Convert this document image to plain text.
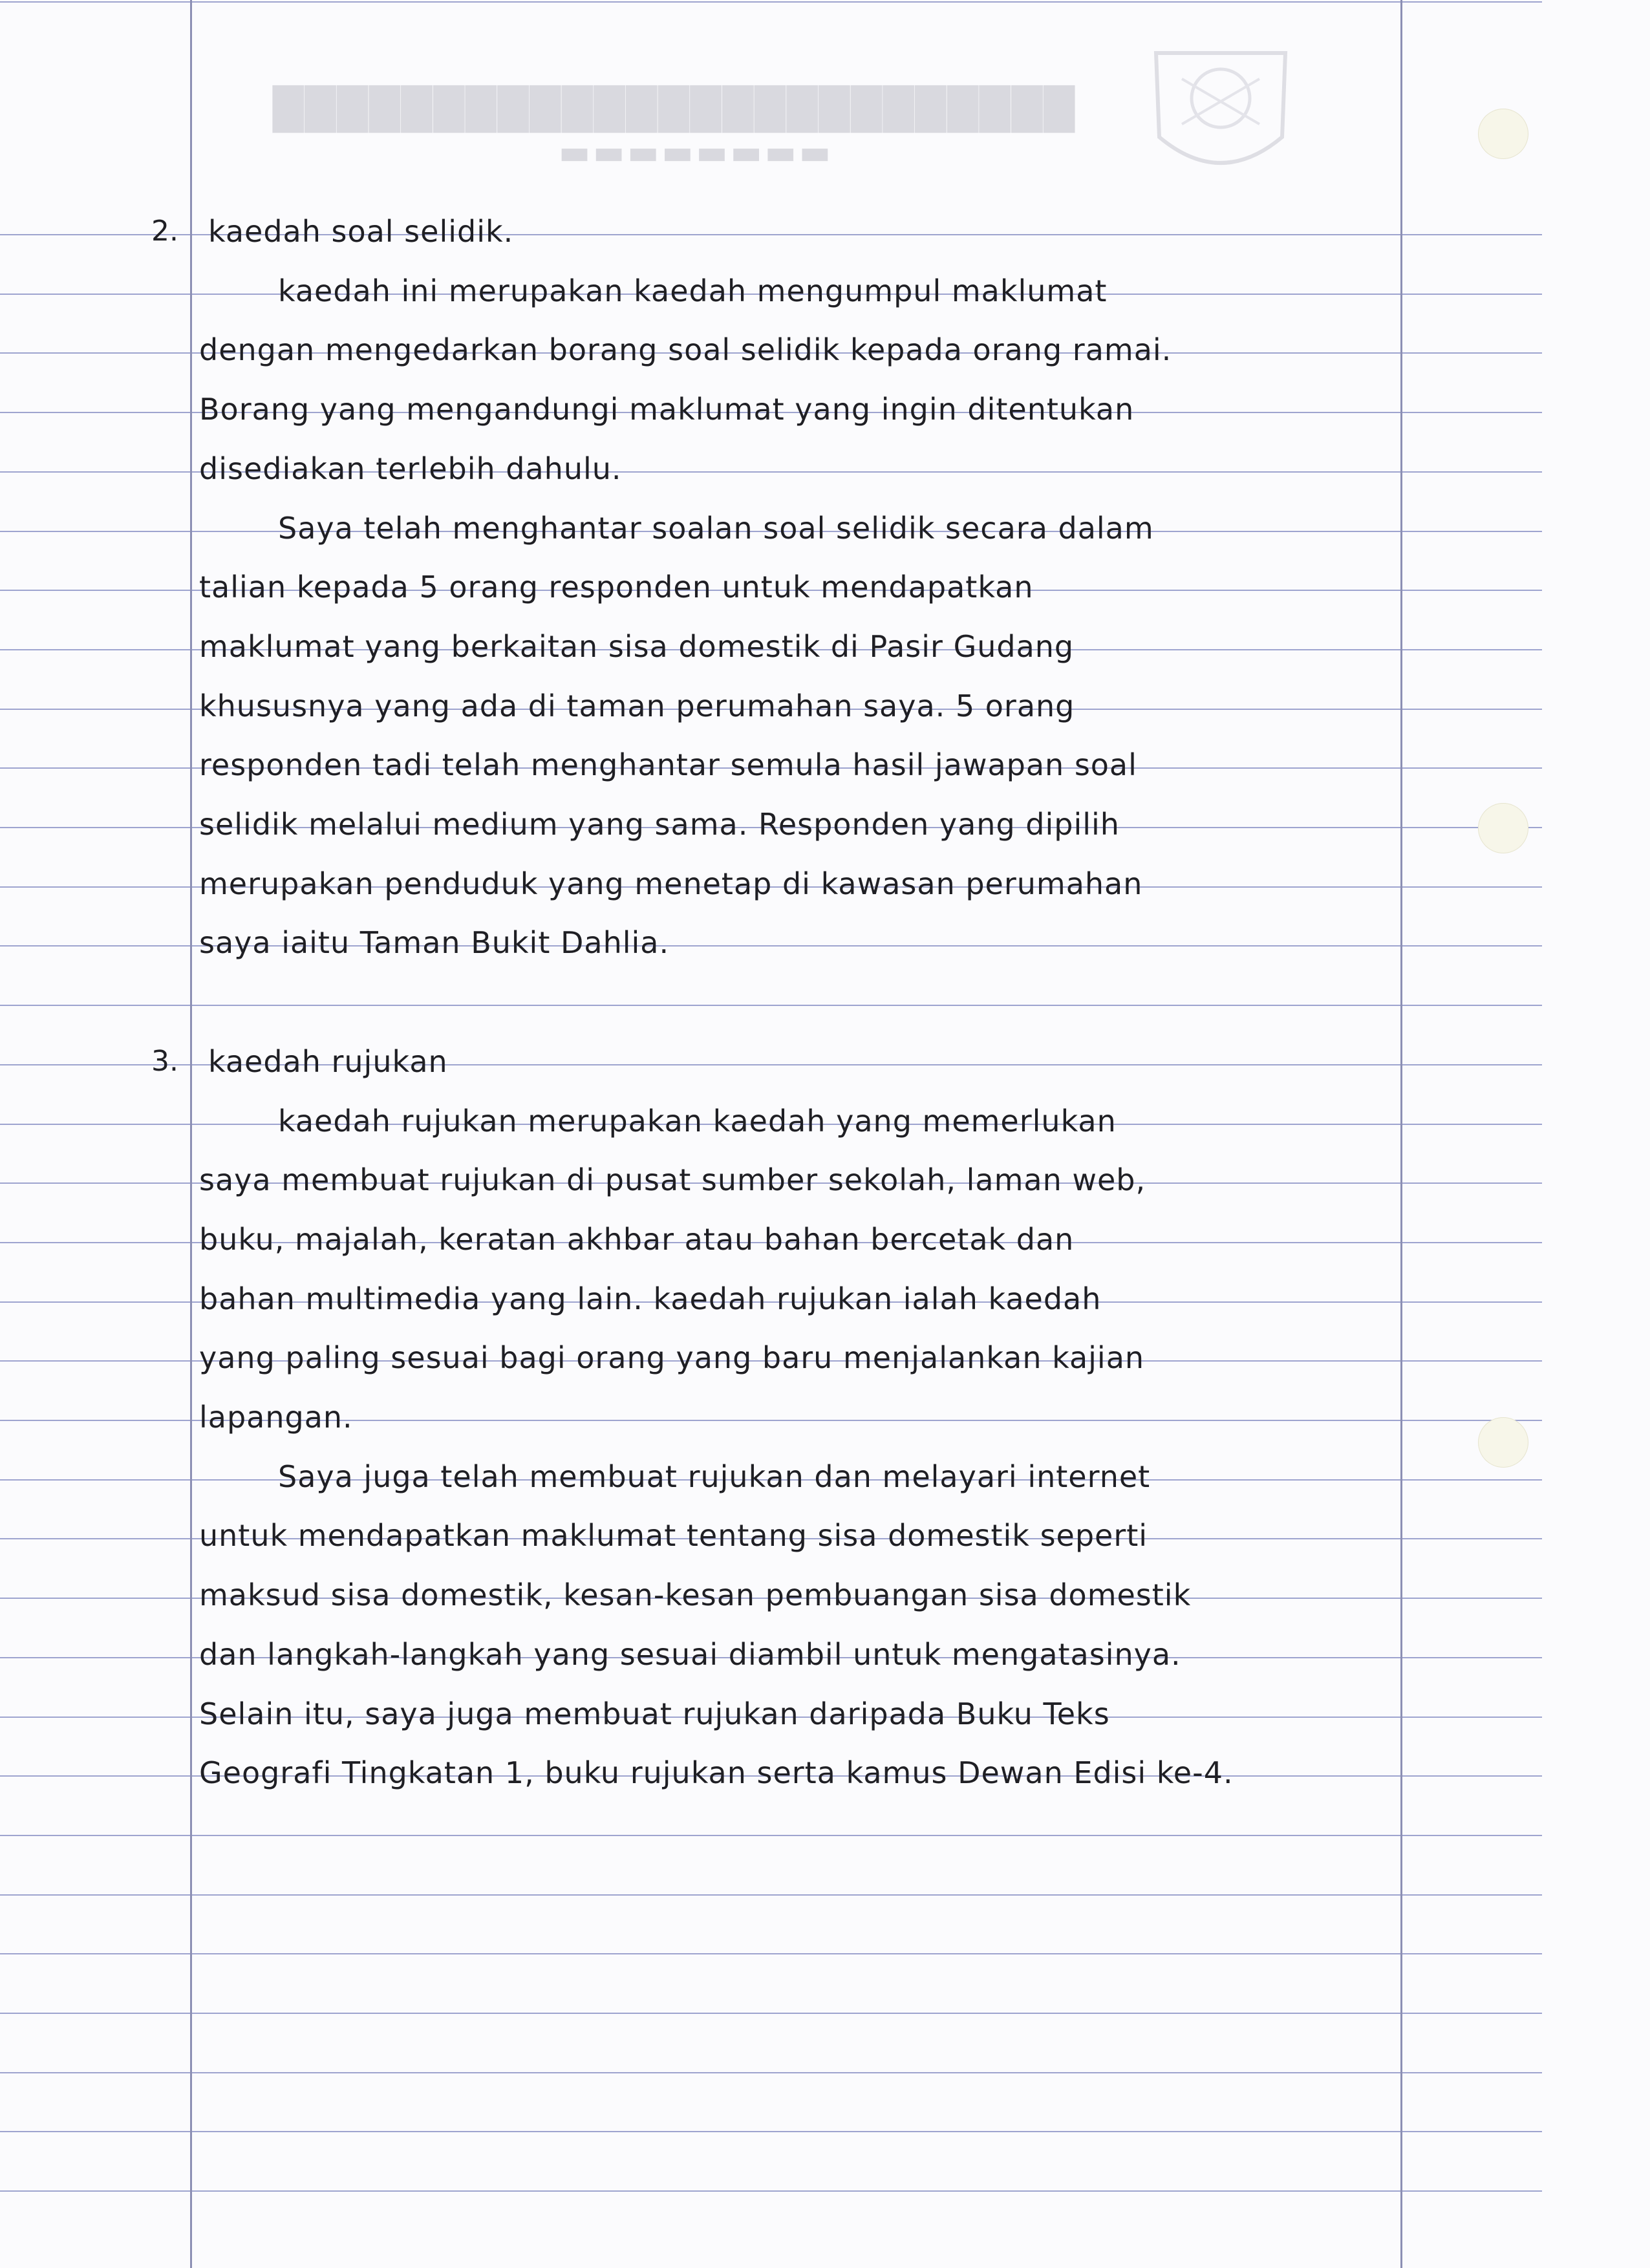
█████████████████████████
▬▬▬▬▬▬▬▬
2. kaedah soal selidik.
kaedah ini merupakan kaedah mengumpul maklumat
dengan mengedarkan borang soal selidik kepada orang ramai.
Borang yang mengandungi maklumat yang ingin ditentukan
disediakan terlebih dahulu.
Saya telah menghantar soalan soal selidik secara dalam
talian kepada 5 orang responden untuk mendapatkan
maklumat yang berkaitan sisa domestik di Pasir Gudang
khususnya yang ada di taman perumahan saya. 5 orang
responden tadi telah menghantar semula hasil jawapan soal
selidik melalui medium yang sama. Responden yang dipilih
merupakan penduduk yang menetap di kawasan perumahan
saya iaitu Taman Bukit Dahlia.
3. kaedah rujukan
kaedah rujukan merupakan kaedah yang memerlukan
saya membuat rujukan di pusat sumber sekolah, laman web,
buku, majalah, keratan akhbar atau bahan bercetak dan
bahan multimedia yang lain. kaedah rujukan ialah kaedah
yang paling sesuai bagi orang yang baru menjalankan kajian
lapangan.
Saya juga telah membuat rujukan dan melayari internet
untuk mendapatkan maklumat tentang sisa domestik seperti
maksud sisa domestik, kesan-kesan pembuangan sisa domestik
dan langkah-langkah yang sesuai diambil untuk mengatasinya.
Selain itu, saya juga membuat rujukan daripada Buku Teks
Geografi Tingkatan 1, buku rujukan serta kamus Dewan Edisi ke-4.
